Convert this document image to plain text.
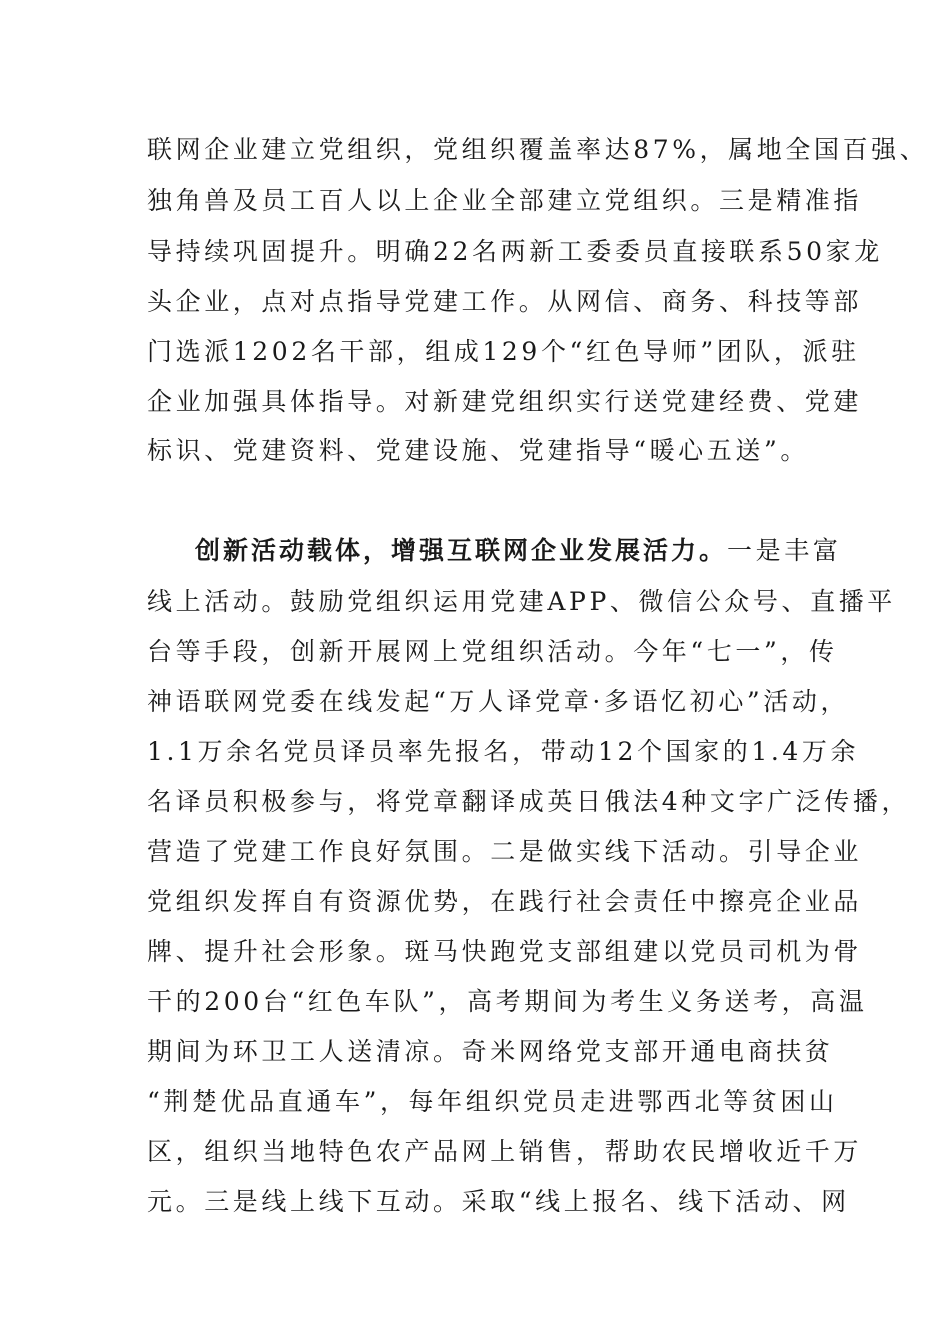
联网企业建立党组织，党组织覆盖率达87%，属地全国百强、
独角兽及员工百人以上企业全部建立党组织。三是精准指
导持续巩固提升。明确22名两新工委委员直接联系50家龙
头企业，点对点指导党建工作。从网信、商务、科技等部
门选派1202名干部，组成129个“红色导师”团队，派驻
企业加强具体指导。对新建党组织实行送党建经费、党建
标识、党建资料、党建设施、党建指导“暖心五送”。
创新活动载体，增强互联网企业发展活力。一是丰富
线上活动。鼓励党组织运用党建APP、微信公众号、直播平
台等手段，创新开展网上党组织活动。今年“七一”，传
神语联网党委在线发起“万人译党章·多语忆初心”活动，
1.1万余名党员译员率先报名，带动12个国家的1.4万余
名译员积极参与，将党章翻译成英日俄法4种文字广泛传播，
营造了党建工作良好氛围。二是做实线下活动。引导企业
党组织发挥自有资源优势，在践行社会责任中擦亮企业品
牌、提升社会形象。斑马快跑党支部组建以党员司机为骨
干的200台“红色车队”，高考期间为考生义务送考，高温
期间为环卫工人送清凉。奇米网络党支部开通电商扶贫
“荆楚优品直通车”，每年组织党员走进鄂西北等贫困山
区，组织当地特色农产品网上销售，帮助农民增收近千万
元。三是线上线下互动。采取“线上报名、线下活动、网
